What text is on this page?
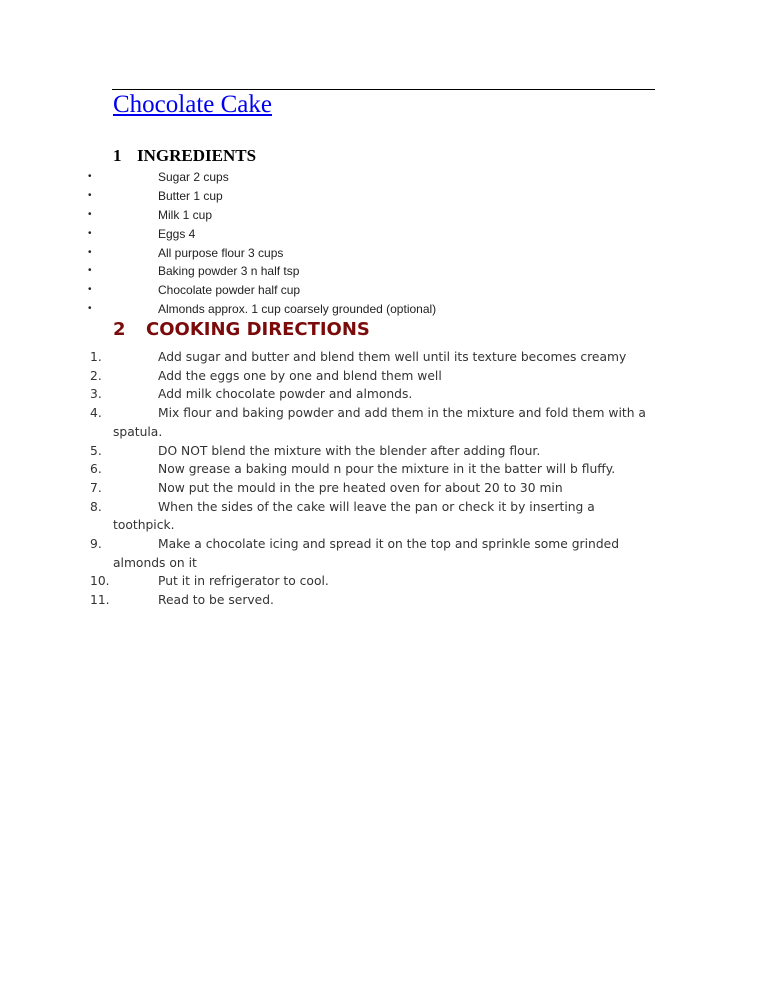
Chocolate Cake
1 INGREDIENTS
•	Sugar 2 cups
•	Butter 1 cup
•	Milk 1 cup
•	Eggs 4
•	All purpose flour 3 cups
•	Baking powder 3 n half tsp
•	Chocolate powder half cup
•	Almonds approx. 1 cup coarsely grounded (optional)
2 COOKING DIRECTIONS
1.	Add sugar and butter and blend them well until its texture becomes creamy
2.	Add the eggs one by one and blend them well
3.	Add milk chocolate powder and almonds.
4.	Mix flour and baking powder and add them in the mixture and fold them with a spatula.
5.	DO NOT blend the mixture with the blender after adding flour.
6.	Now grease a baking mould n pour the mixture in it the batter will b fluffy.
7.	Now put the mould in the pre heated oven for about 20 to 30 min
8.	When the sides of the cake will leave the pan or check it by inserting a toothpick.
9.	Make a chocolate icing and spread it on the top and sprinkle some grinded almonds on it
10.	Put it in refrigerator to cool.
11.	Read to be served.
